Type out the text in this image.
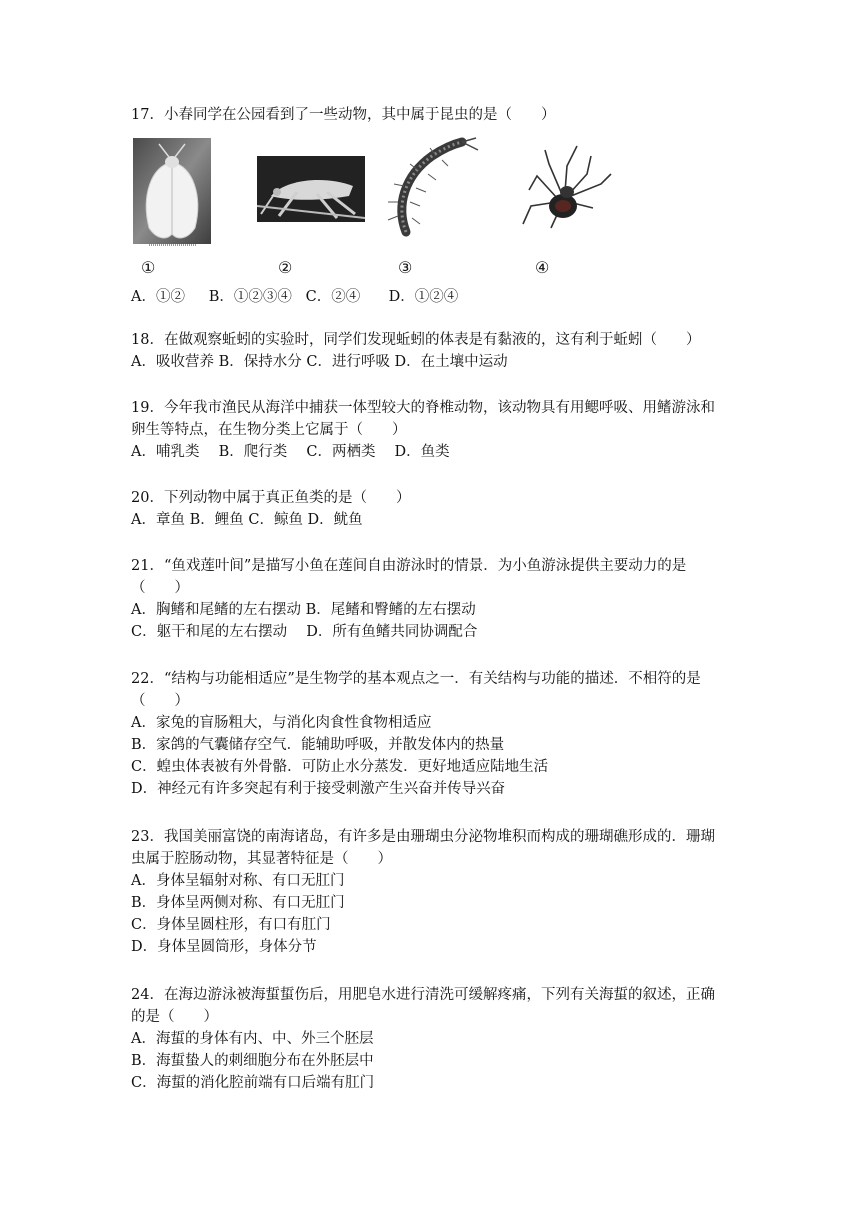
17．小春同学在公园看到了一些动物，其中属于昆虫的是（　　）

①	②	③	④

A．①②　  B．①②③④   C．②④　   D．①②④

18．在做观察蚯蚓的实验时，同学们发现蚯蚓的体表是有黏液的，这有利于蚯蚓（　　）

A．吸收营养 B．保持水分 C．进行呼吸 D．在土壤中运动

19．今年我市渔民从海洋中捕获一体型较大的脊椎动物，该动物具有用鳃呼吸、用鳍游泳和

卵生等特点，在生物分类上它属于（　　）

A．哺乳类　 B．爬行类　 C．两栖类　 D．鱼类

20．下列动物中属于真正鱼类的是（　　）

A．章鱼 B．鲤鱼 C．鲸鱼 D．鱿鱼

21．“鱼戏莲叶间”是描写小鱼在莲间自由游泳时的情景．为小鱼游泳提供主要动力的是

（　　）

A．胸鳍和尾鳍的左右摆动 B．尾鳍和臀鳍的左右摆动

C．躯干和尾的左右摆动　 D．所有鱼鳍共同协调配合

22．“结构与功能相适应”是生物学的基本观点之一．有关结构与功能的描述．不相符的是

（　　）

A．家兔的盲肠粗大，与消化肉食性食物相适应

B．家鸽的气囊储存空气．能辅助呼吸，并散发体内的热量

C．蝗虫体表被有外骨骼．可防止水分蒸发．更好地适应陆地生活

D．神经元有许多突起有利于接受刺激产生兴奋并传导兴奋

23．我国美丽富饶的南海诸岛，有许多是由珊瑚虫分泌物堆积而构成的珊瑚礁形成的．珊瑚

虫属于腔肠动物，其显著特征是（　　）

A．身体呈辐射对称、有口无肛门

B．身体呈两侧对称、有口无肛门

C．身体呈圆柱形，有口有肛门

D．身体呈圆筒形，身体分节

24．在海边游泳被海蜇蜇伤后，用肥皂水进行清洗可缓解疼痛，下列有关海蜇的叙述，正确

的是（　　）

A．海蜇的身体有内、中、外三个胚层

B．海蜇蛰人的刺细胞分布在外胚层中

C．海蜇的消化腔前端有口后端有肛门
